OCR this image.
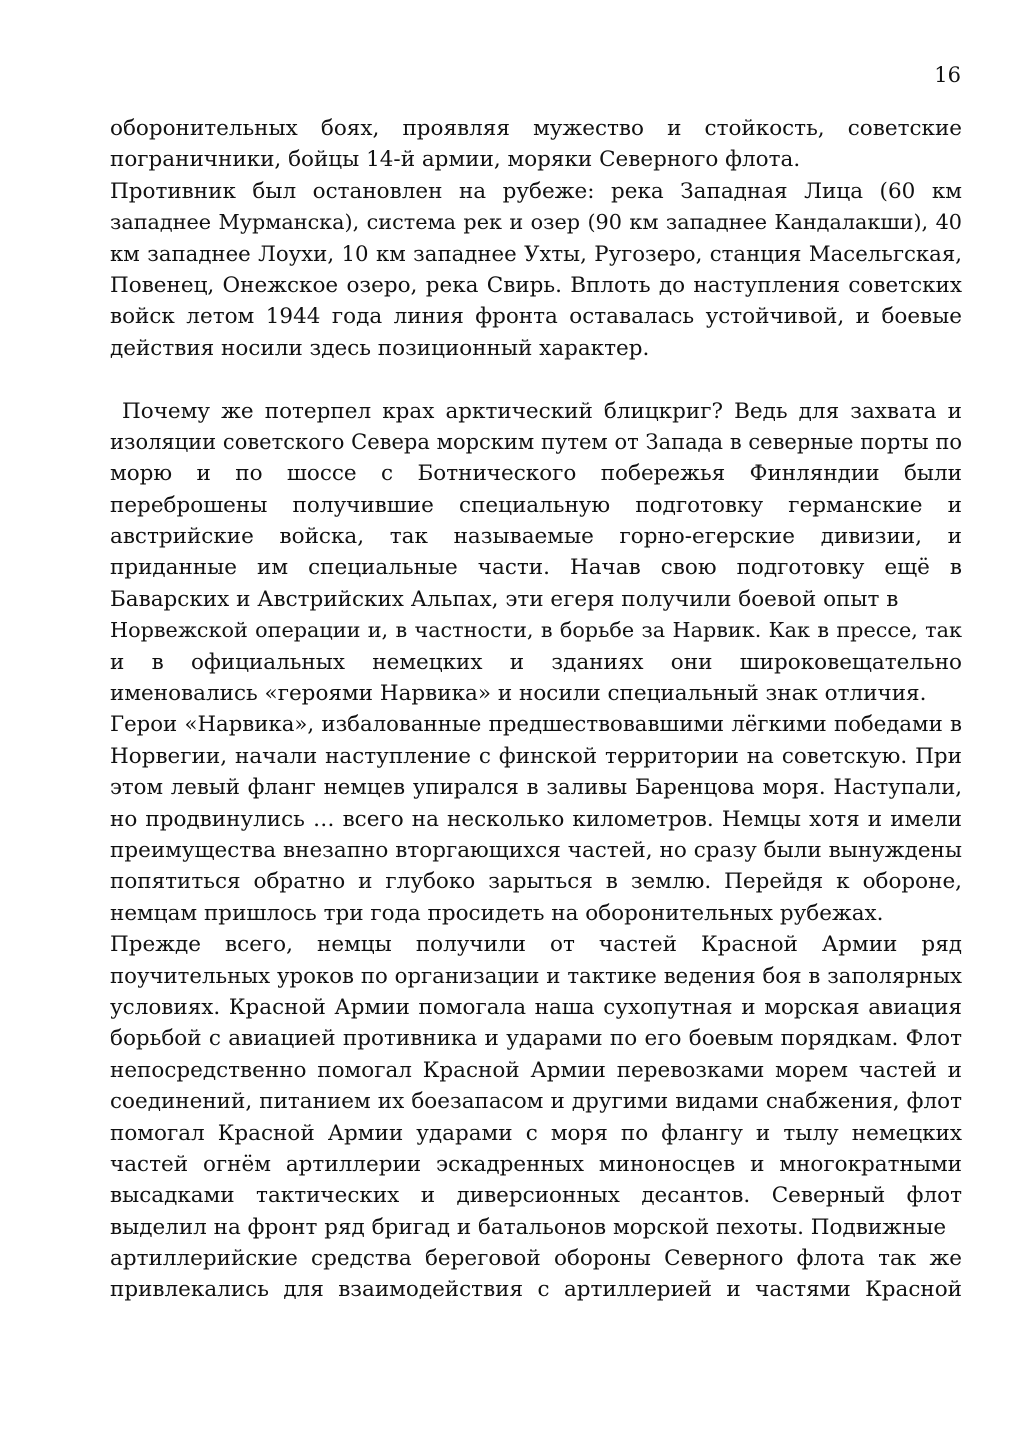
16
оборонительных боях, проявляя мужество и стойкость, советские
пограничники, бойцы 14-й армии, моряки Северного флота.
Противник был остановлен на рубеже: река Западная Лица (60 км
западнее Мурманска), система рек и озер (90 км западнее Кандалакши), 40
км западнее Лоухи, 10 км западнее Ухты, Ругозеро, станция Масельгская,
Повенец, Онежское озеро, река Свирь. Вплоть до наступления советских
войск летом 1944 года линия фронта оставалась устойчивой, и боевые
действия носили здесь позиционный характер.
Почему же потерпел крах арктический блицкриг? Ведь для захвата и
изоляции советского Севера морским путем от Запада в северные порты по
морю и по шоссе с Ботнического побережья Финляндии были
переброшены получившие специальную подготовку германские и
австрийские войска, так называемые горно-егерские дивизии, и
приданные им специальные части. Начав свою подготовку ещё в
Баварских и Австрийских Альпах, эти егеря получили боевой опыт в
Норвежской операции и, в частности, в борьбе за Нарвик. Как в прессе, так
и в официальных немецких и зданиях они широковещательно
именовались «героями Нарвика» и носили специальный знак отличия.
Герои «Нарвика», избалованные предшествовавшими лёгкими победами в
Норвегии, начали наступление с финской территории на советскую. При
этом левый фланг немцев упирался в заливы Баренцова моря. Наступали,
но продвинулись … всего на несколько километров. Немцы хотя и имели
преимущества внезапно вторгающихся частей, но сразу были вынуждены
попятиться обратно и глубоко зарыться в землю. Перейдя к обороне,
немцам пришлось три года просидеть на оборонительных рубежах.
Прежде всего, немцы получили от частей Красной Армии ряд
поучительных уроков по организации и тактике ведения боя в заполярных
условиях. Красной Армии помогала наша сухопутная и морская авиация
борьбой с авиацией противника и ударами по его боевым порядкам. Флот
непосредственно помогал Красной Армии перевозками морем частей и
соединений, питанием их боезапасом и другими видами снабжения, флот
помогал Красной Армии ударами с моря по флангу и тылу немецких
частей огнём артиллерии эскадренных миноносцев и многократными
высадками тактических и диверсионных десантов. Северный флот
выделил на фронт ряд бригад и батальонов морской пехоты. Подвижные
артиллерийские средства береговой обороны Северного флота так же
привлекались для взаимодействия с артиллерией и частями Красной
